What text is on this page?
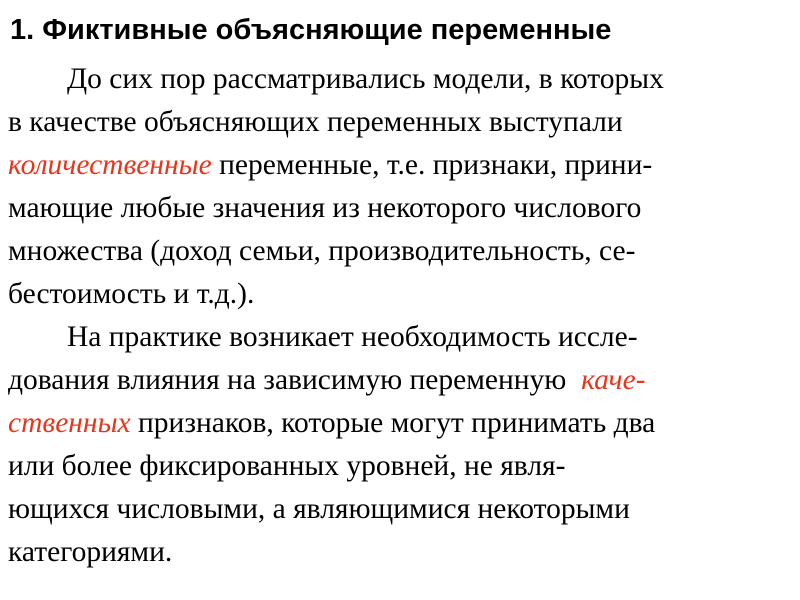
1. Фиктивные объясняющие переменные
До сих пор рассматривались модели, в которых
в качестве объясняющих переменных выступали
количественные переменные, т.е. признаки, прини-
мающие любые значения из некоторого числового
множества (доход семьи, производительность, се-
бестоимость и т.д.).
На практике возникает необходимость иссле-
дования влияния на зависимую переменную  каче-
ственных признаков, которые могут принимать два
или более фиксированных уровней, не явля-
ющихся числовыми, а являющимися некоторыми
категориями.
